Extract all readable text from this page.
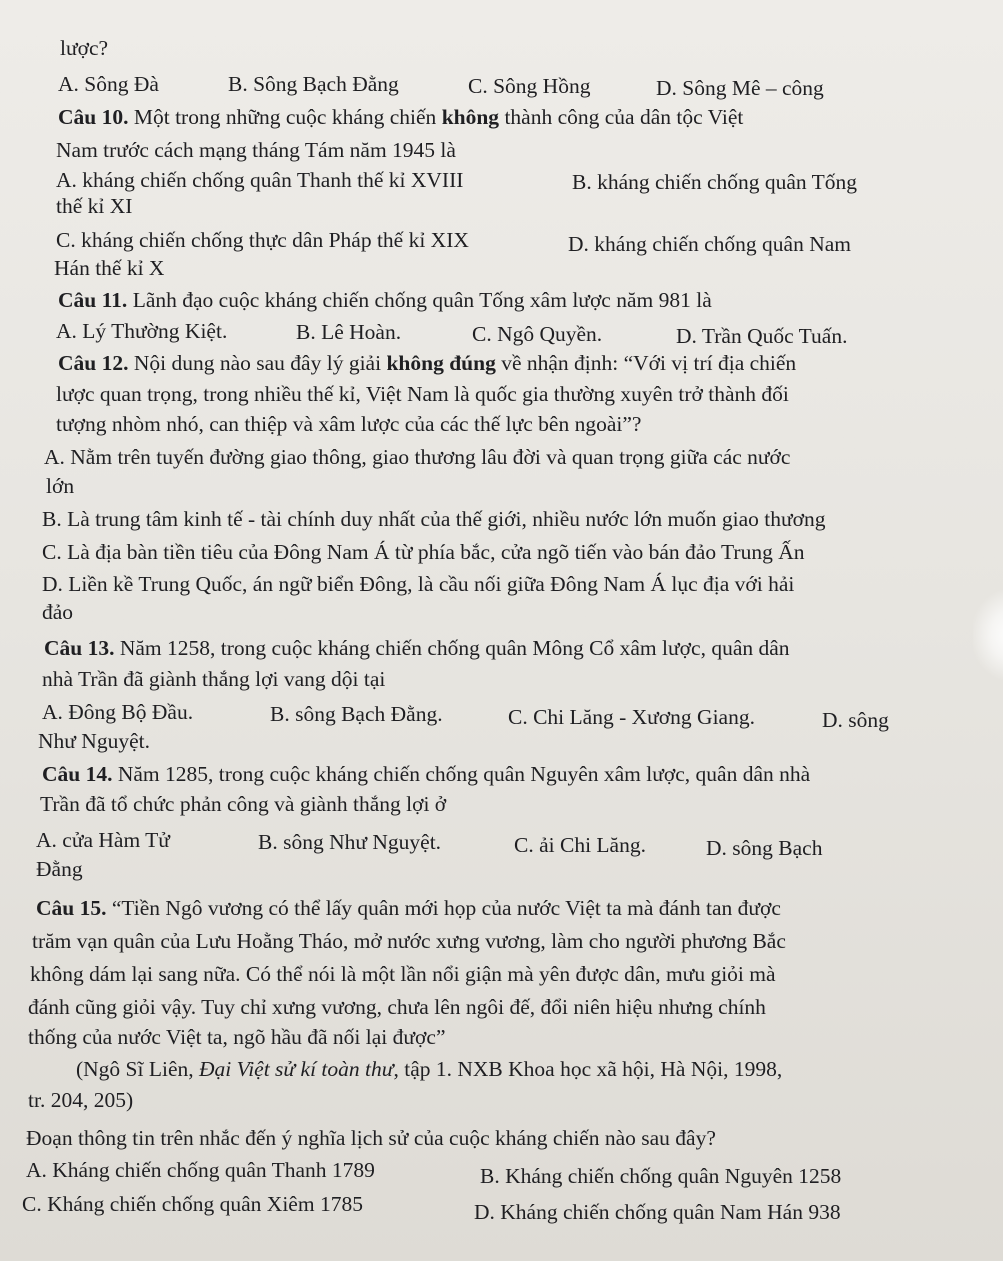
lược?
A. Sông Đà	B. Sông Bạch Đằng	C. Sông Hồng	D. Sông Mê – công
Câu 10. Một trong những cuộc kháng chiến không thành công của dân tộc Việt
Nam trước cách mạng tháng Tám năm 1945 là
A. kháng chiến chống quân Thanh thế kỉ XVIII	B. kháng chiến chống quân Tống
thế kỉ XI
C. kháng chiến chống thực dân Pháp thế kỉ XIX	D. kháng chiến chống quân Nam
Hán thế kỉ X
Câu 11. Lãnh đạo cuộc kháng chiến chống quân Tống xâm lược năm 981 là
A. Lý Thường Kiệt.	B. Lê Hoàn.	C. Ngô Quyền.	D. Trần Quốc Tuấn.
Câu 12. Nội dung nào sau đây lý giải không đúng về nhận định: “Với vị trí địa chiến
lược quan trọng, trong nhiều thế kỉ, Việt Nam là quốc gia thường xuyên trở thành đối
tượng nhòm nhó, can thiệp và xâm lược của các thế lực bên ngoài”?
A. Nằm trên tuyến đường giao thông, giao thương lâu đời và quan trọng giữa các nước
lớn
B. Là trung tâm kinh tế - tài chính duy nhất của thế giới, nhiều nước lớn muốn giao thương
C. Là địa bàn tiền tiêu của Đông Nam Á từ phía bắc, cửa ngõ tiến vào bán đảo Trung Ấn
D. Liền kề Trung Quốc, án ngữ biển Đông, là cầu nối giữa Đông Nam Á lục địa với hải
đảo
Câu 13. Năm 1258, trong cuộc kháng chiến chống quân Mông Cổ xâm lược, quân dân
nhà Trần đã giành thắng lợi vang dội tại
A. Đông Bộ Đầu.	B. sông Bạch Đằng.	C. Chi Lăng - Xương Giang.	D. sông
Như Nguyệt.
Câu 14. Năm 1285, trong cuộc kháng chiến chống quân Nguyên xâm lược, quân dân nhà
Trần đã tổ chức phản công và giành thắng lợi ở
A. cửa Hàm Tử	B. sông Như Nguyệt.	C. ải Chi Lăng.	D. sông Bạch
Đằng
Câu 15. “Tiền Ngô vương có thể lấy quân mới họp của nước Việt ta mà đánh tan được
trăm vạn quân của Lưu Hoằng Tháo, mở nước xưng vương, làm cho người phương Bắc
không dám lại sang nữa. Có thể nói là một lần nổi giận mà yên được dân, mưu giỏi mà
đánh cũng giỏi vậy. Tuy chỉ xưng vương, chưa lên ngôi đế, đổi niên hiệu nhưng chính
thống của nước Việt ta, ngõ hầu đã nối lại được”
(Ngô Sĩ Liên, Đại Việt sử kí toàn thư, tập 1. NXB Khoa học xã hội, Hà Nội, 1998,
tr. 204, 205)
Đoạn thông tin trên nhắc đến ý nghĩa lịch sử của cuộc kháng chiến nào sau đây?
A. Kháng chiến chống quân Thanh 1789	B. Kháng chiến chống quân Nguyên 1258
C. Kháng chiến chống quân Xiêm 1785	D. Kháng chiến chống quân Nam Hán 938
